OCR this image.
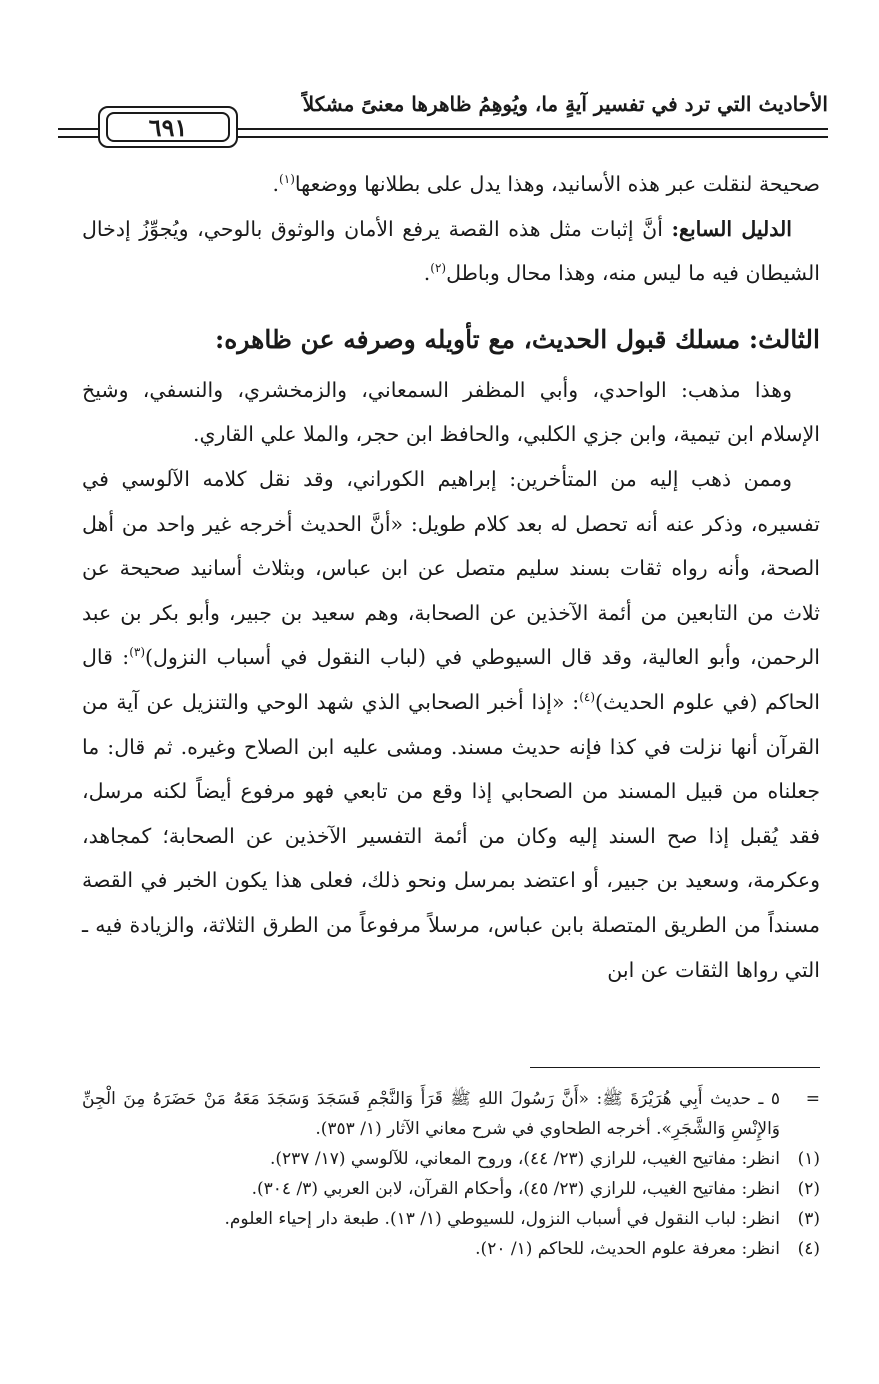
الأحاديث التي ترد في تفسير آيةٍ ما، ويُوهِمُ ظاهرها معنىً مشكلاً
٦٩١

صحيحة لنقلت عبر هذه الأسانيد، وهذا يدل على بطلانها ووضعها$^{(١)}$.

الدليل السابع: أنَّ إثبات مثل هذه القصة يرفع الأمان والوثوق بالوحي، ويُجوِّزُ إدخال الشيطان فيه ما ليس منه، وهذا محال وباطل$^{(٢)}$.

الثالث: مسلك قبول الحديث، مع تأويله وصرفه عن ظاهره:

وهذا مذهب: الواحدي، وأبي المظفر السمعاني، والزمخشري، والنسفي، وشيخ الإسلام ابن تيمية، وابن جزي الكلبي، والحافظ ابن حجر، والملا علي القاري.

وممن ذهب إليه من المتأخرين: إبراهيم الكوراني، وقد نقل كلامه الآلوسي في تفسيره، وذكر عنه أنه تحصل له بعد كلام طويل: «أنَّ الحديث أخرجه غير واحد من أهل الصحة، وأنه رواه ثقات بسند سليم متصل عن ابن عباس، وبثلاث أسانيد صحيحة عن ثلاث من التابعين من أئمة الآخذين عن الصحابة، وهم سعيد بن جبير، وأبو بكر بن عبد الرحمن، وأبو العالية، وقد قال السيوطي في (لباب النقول في أسباب النزول)$^{(٣)}$: قال الحاكم (في علوم الحديث)$^{(٤)}$: «إذا أخبر الصحابي الذي شهد الوحي والتنزيل عن آية من القرآن أنها نزلت في كذا فإنه حديث مسند. ومشى عليه ابن الصلاح وغيره. ثم قال: ما جعلناه من قبيل المسند من الصحابي إذا وقع من تابعي فهو مرفوع أيضاً لكنه مرسل، فقد يُقبل إذا صح السند إليه وكان من أئمة التفسير الآخذين عن الصحابة؛ كمجاهد، وعكرمة، وسعيد بن جبير، أو اعتضد بمرسل ونحو ذلك، فعلى هذا يكون الخبر في القصة مسنداً من الطريق المتصلة بابن عباس، مرسلاً مرفوعاً من الطرق الثلاثة، والزيادة فيه ـ التي رواها الثقات عن ابن

=
٥ ـ حديث أَبِي هُرَيْرَةَ ﷺ: «أَنَّ رَسُولَ اللهِ ﷺ قَرَأَ وَالنَّجْمِ فَسَجَدَ وَسَجَدَ مَعَهُ مَنْ حَضَرَهُ مِنَ الْجِنِّ وَالإِنْسِ وَالشَّجَرِ». أخرجه الطحاوي في شرح معاني الآثار (١/ ٣٥٣).
(١)
انظر: مفاتيح الغيب، للرازي (٢٣/ ٤٤)، وروح المعاني، للآلوسي (١٧/ ٢٣٧).
(٢)
انظر: مفاتيح الغيب، للرازي (٢٣/ ٤٥)، وأحكام القرآن، لابن العربي (٣/ ٣٠٤).
(٣)
انظر: لباب النقول في أسباب النزول، للسيوطي (١/ ١٣). طبعة دار إحياء العلوم.
(٤)
انظر: معرفة علوم الحديث، للحاكم (١/ ٢٠).
